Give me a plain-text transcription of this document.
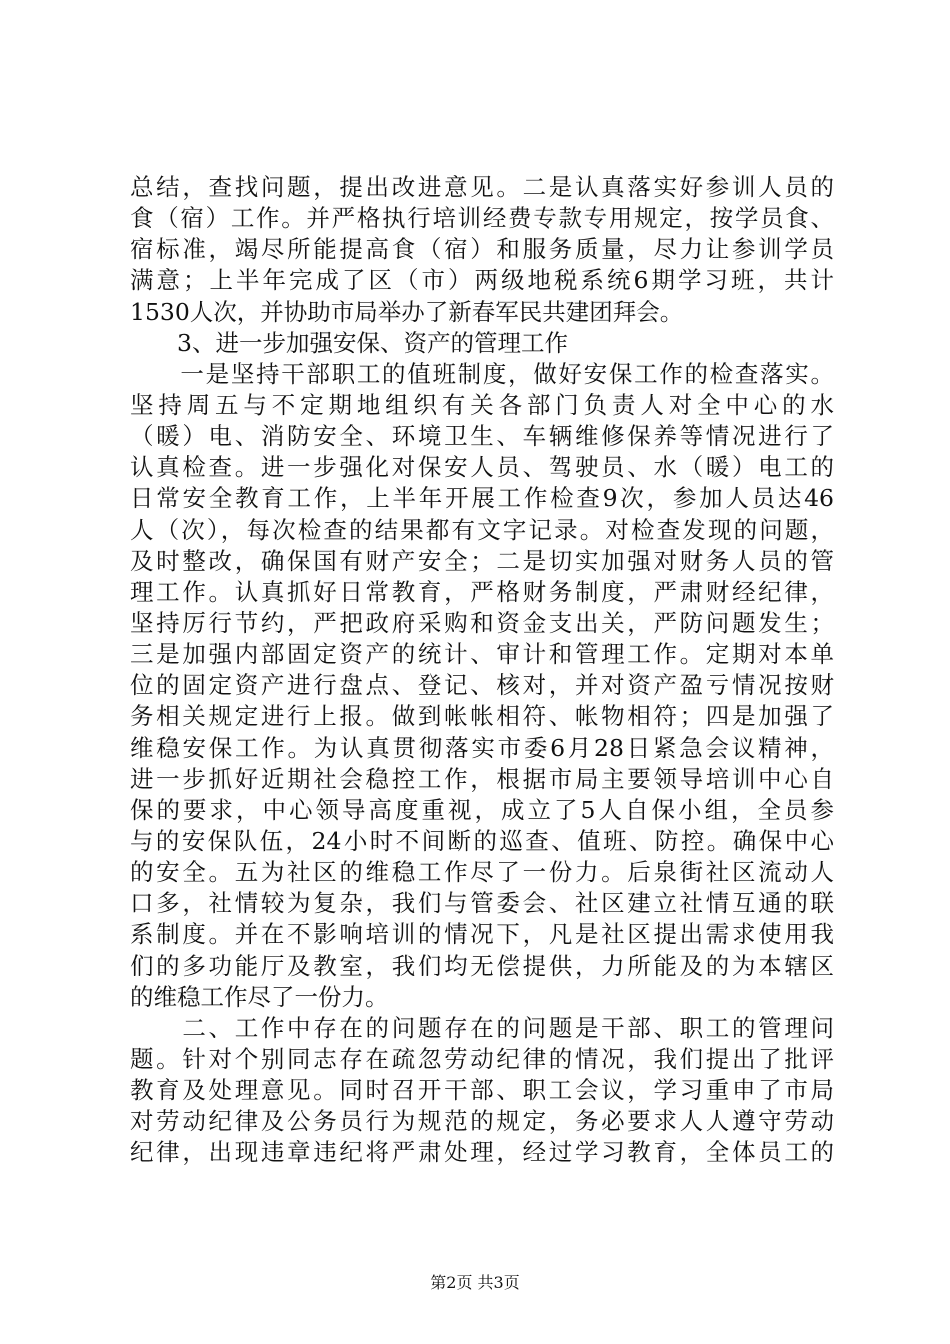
总结，查找问题，提出改进意见。二是认真落实好参训人员的
食（宿）工作。并严格执行培训经费专款专用规定，按学员食、
宿标准，竭尽所能提高食（宿）和服务质量，尽力让参训学员
满意；上半年完成了区（市）两级地税系统6期学习班，共计
1530人次，并协助市局举办了新春军民共建团拜会。
　　3、进一步加强安保、资产的管理工作
　　一是坚持干部职工的值班制度，做好安保工作的检查落实。
坚持周五与不定期地组织有关各部门负责人对全中心的水
（暖）电、消防安全、环境卫生、车辆维修保养等情况进行了
认真检查。进一步强化对保安人员、驾驶员、水（暖）电工的
日常安全教育工作，上半年开展工作检查9次，参加人员达46
人（次），每次检查的结果都有文字记录。对检查发现的问题，
及时整改，确保国有财产安全；二是切实加强对财务人员的管
理工作。认真抓好日常教育，严格财务制度，严肃财经纪律，
坚持厉行节约，严把政府采购和资金支出关，严防问题发生；
三是加强内部固定资产的统计、审计和管理工作。定期对本单
位的固定资产进行盘点、登记、核对，并对资产盈亏情况按财
务相关规定进行上报。做到帐帐相符、帐物相符；四是加强了
维稳安保工作。为认真贯彻落实市委6月28日紧急会议精神，
进一步抓好近期社会稳控工作，根据市局主要领导培训中心自
保的要求，中心领导高度重视，成立了5人自保小组，全员参
与的安保队伍，24小时不间断的巡查、值班、防控。确保中心
的安全。五为社区的维稳工作尽了一份力。后泉街社区流动人
口多，社情较为复杂，我们与管委会、社区建立社情互通的联
系制度。并在不影响培训的情况下，凡是社区提出需求使用我
们的多功能厅及教室，我们均无偿提供，力所能及的为本辖区
的维稳工作尽了一份力。
　　二、工作中存在的问题存在的问题是干部、职工的管理问
题。针对个别同志存在疏忽劳动纪律的情况，我们提出了批评
教育及处理意见。同时召开干部、职工会议，学习重申了市局
对劳动纪律及公务员行为规范的规定，务必要求人人遵守劳动
纪律，出现违章违纪将严肃处理，经过学习教育，全体员工的
第2页 共3页
